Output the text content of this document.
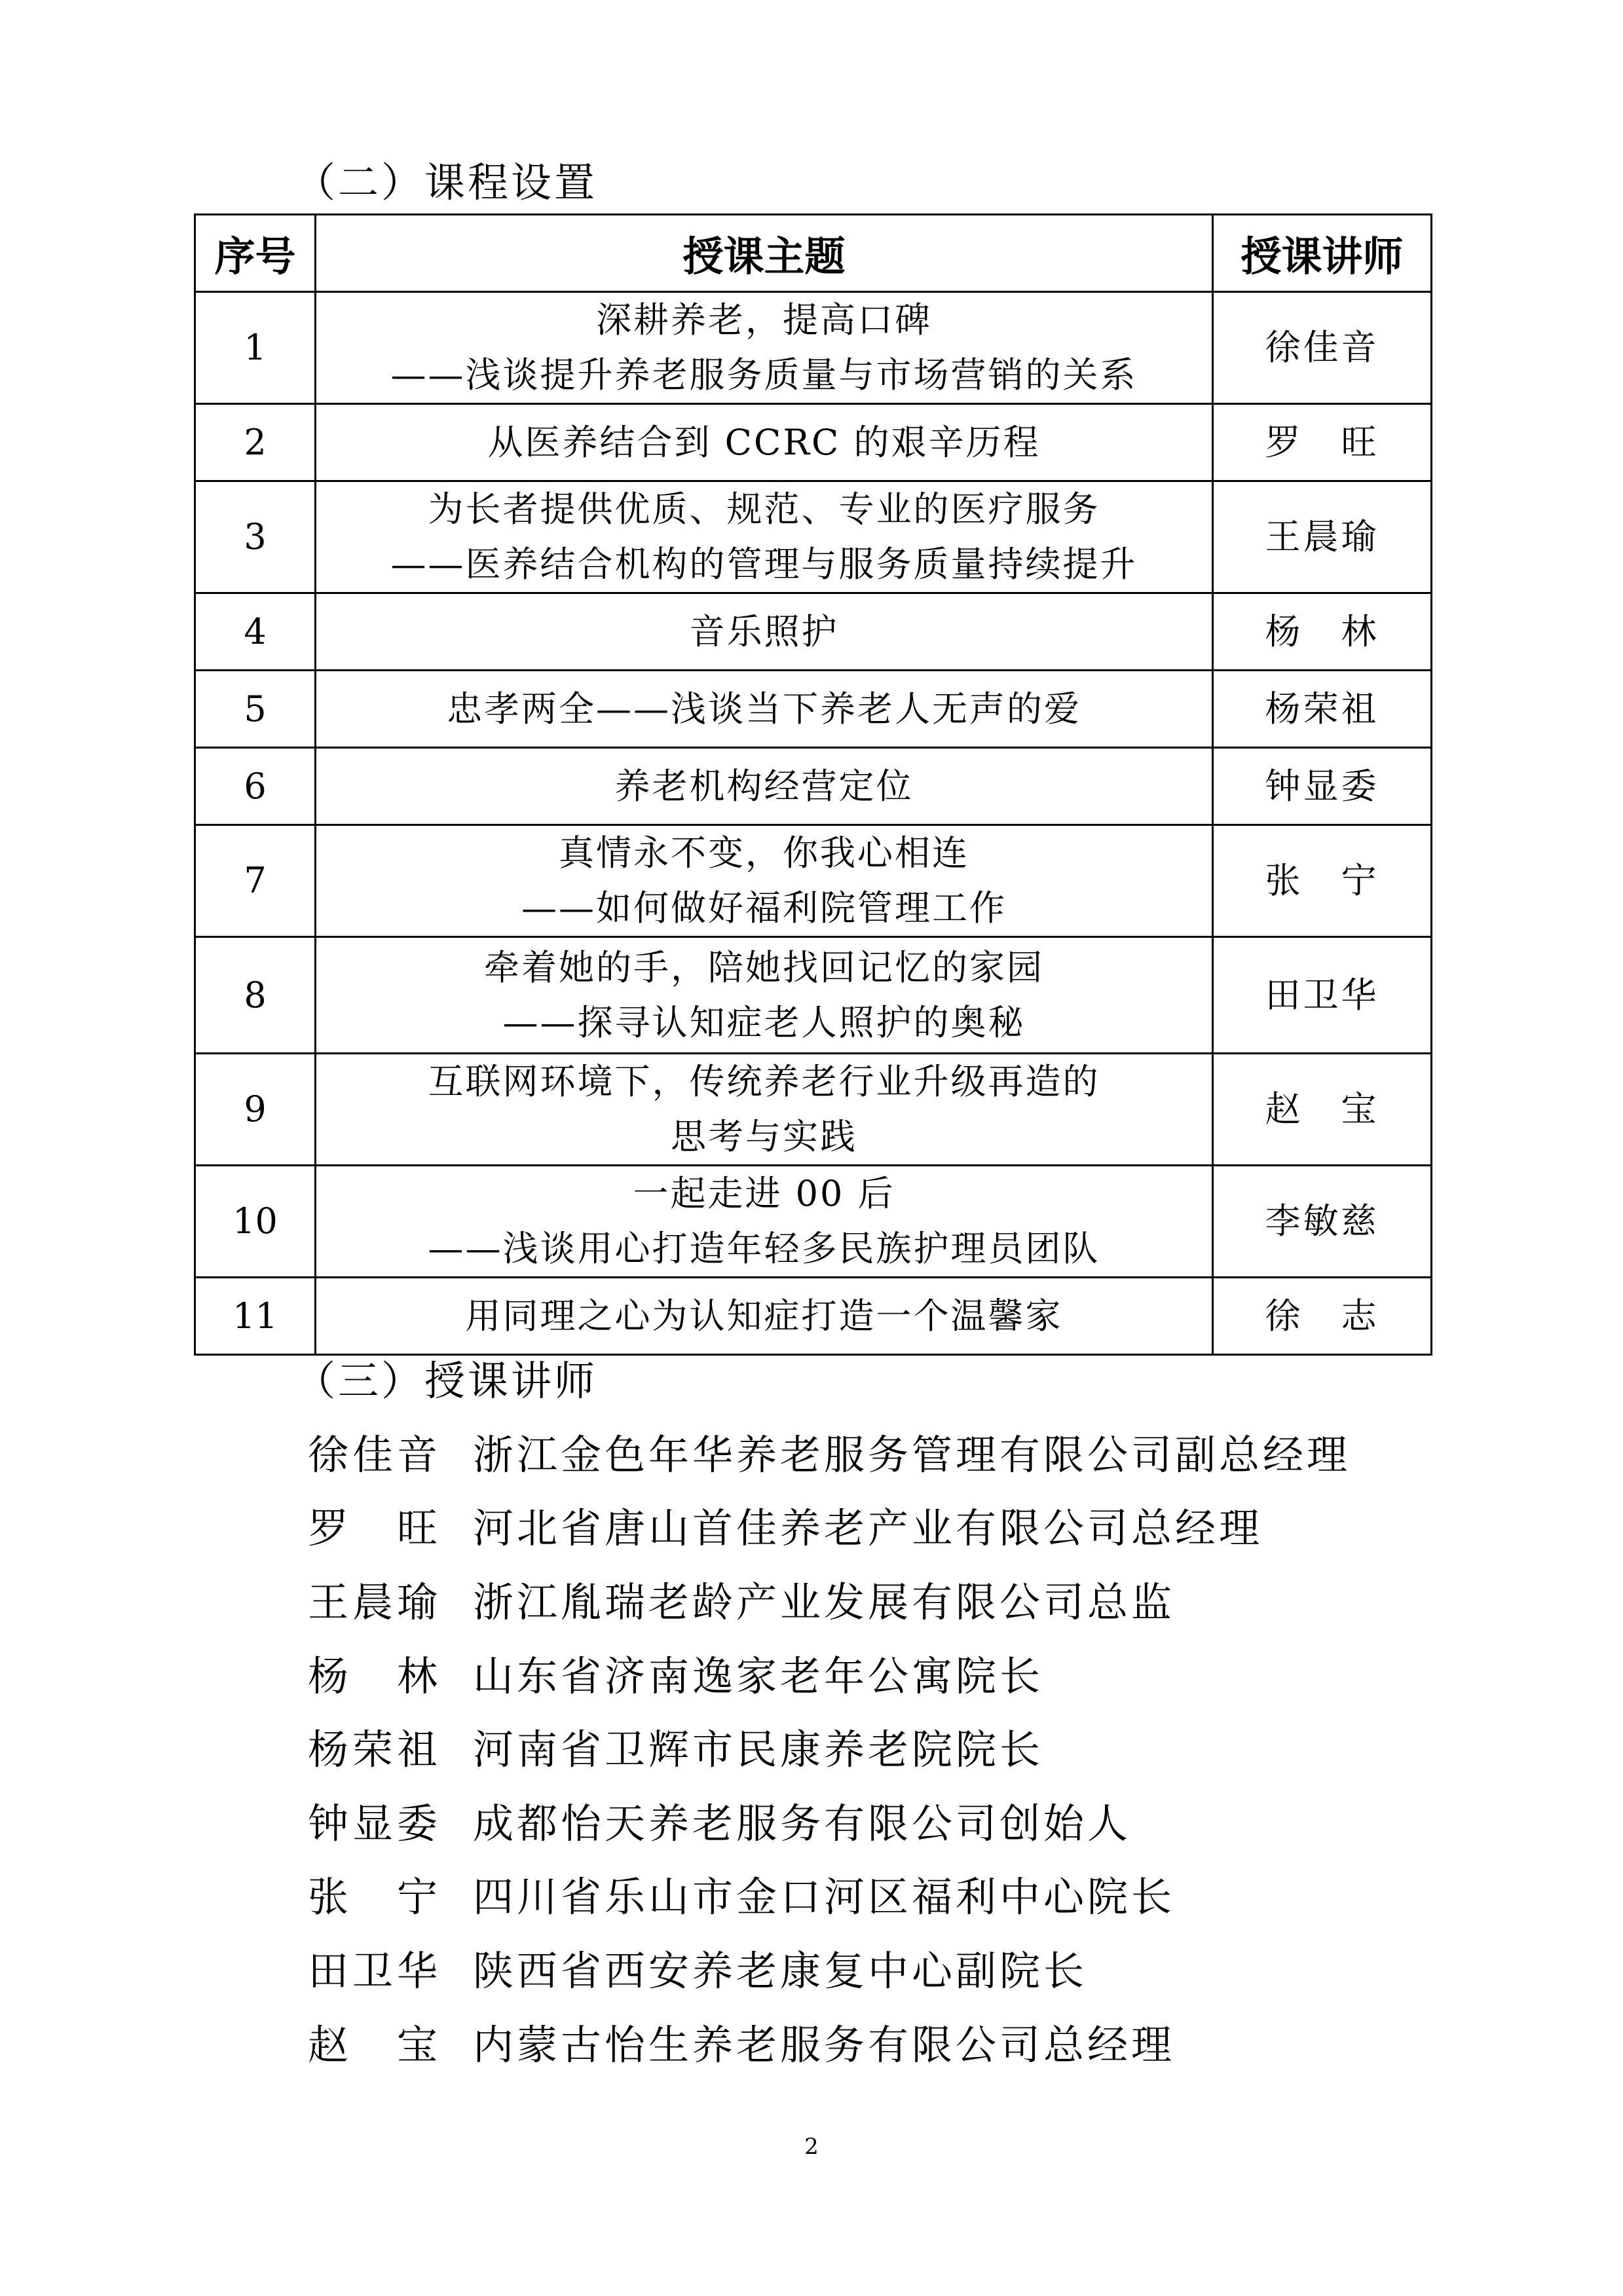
（二）课程设置
序号	授课主题	授课讲师
1	深耕养老，提高口碑
——浅谈提升养老服务质量与市场营销的关系	徐佳音
2	从医养结合到 CCRC 的艰辛历程	罗　旺
3	为长者提供优质、规范、专业的医疗服务
——医养结合机构的管理与服务质量持续提升	王晨瑜
4	音乐照护	杨　林
5	忠孝两全——浅谈当下养老人无声的爱	杨荣祖
6	养老机构经营定位	钟显委
7	真情永不变，你我心相连
——如何做好福利院管理工作	张　宁
8	牵着她的手，陪她找回记忆的家园
——探寻认知症老人照护的奥秘	田卫华
9	互联网环境下，传统养老行业升级再造的
思考与实践	赵　宝
10	一起走进 00 后
——浅谈用心打造年轻多民族护理员团队	李敏慈
11	用同理之心为认知症打造一个温馨家	徐　志
（三）授课讲师
徐佳音 浙江金色年华养老服务管理有限公司副总经理
罗　旺 河北省唐山首佳养老产业有限公司总经理
王晨瑜 浙江胤瑞老龄产业发展有限公司总监
杨　林 山东省济南逸家老年公寓院长
杨荣祖 河南省卫辉市民康养老院院长
钟显委 成都怡天养老服务有限公司创始人
张　宁 四川省乐山市金口河区福利中心院长
田卫华 陕西省西安养老康复中心副院长
赵　宝 内蒙古怡生养老服务有限公司总经理
2
